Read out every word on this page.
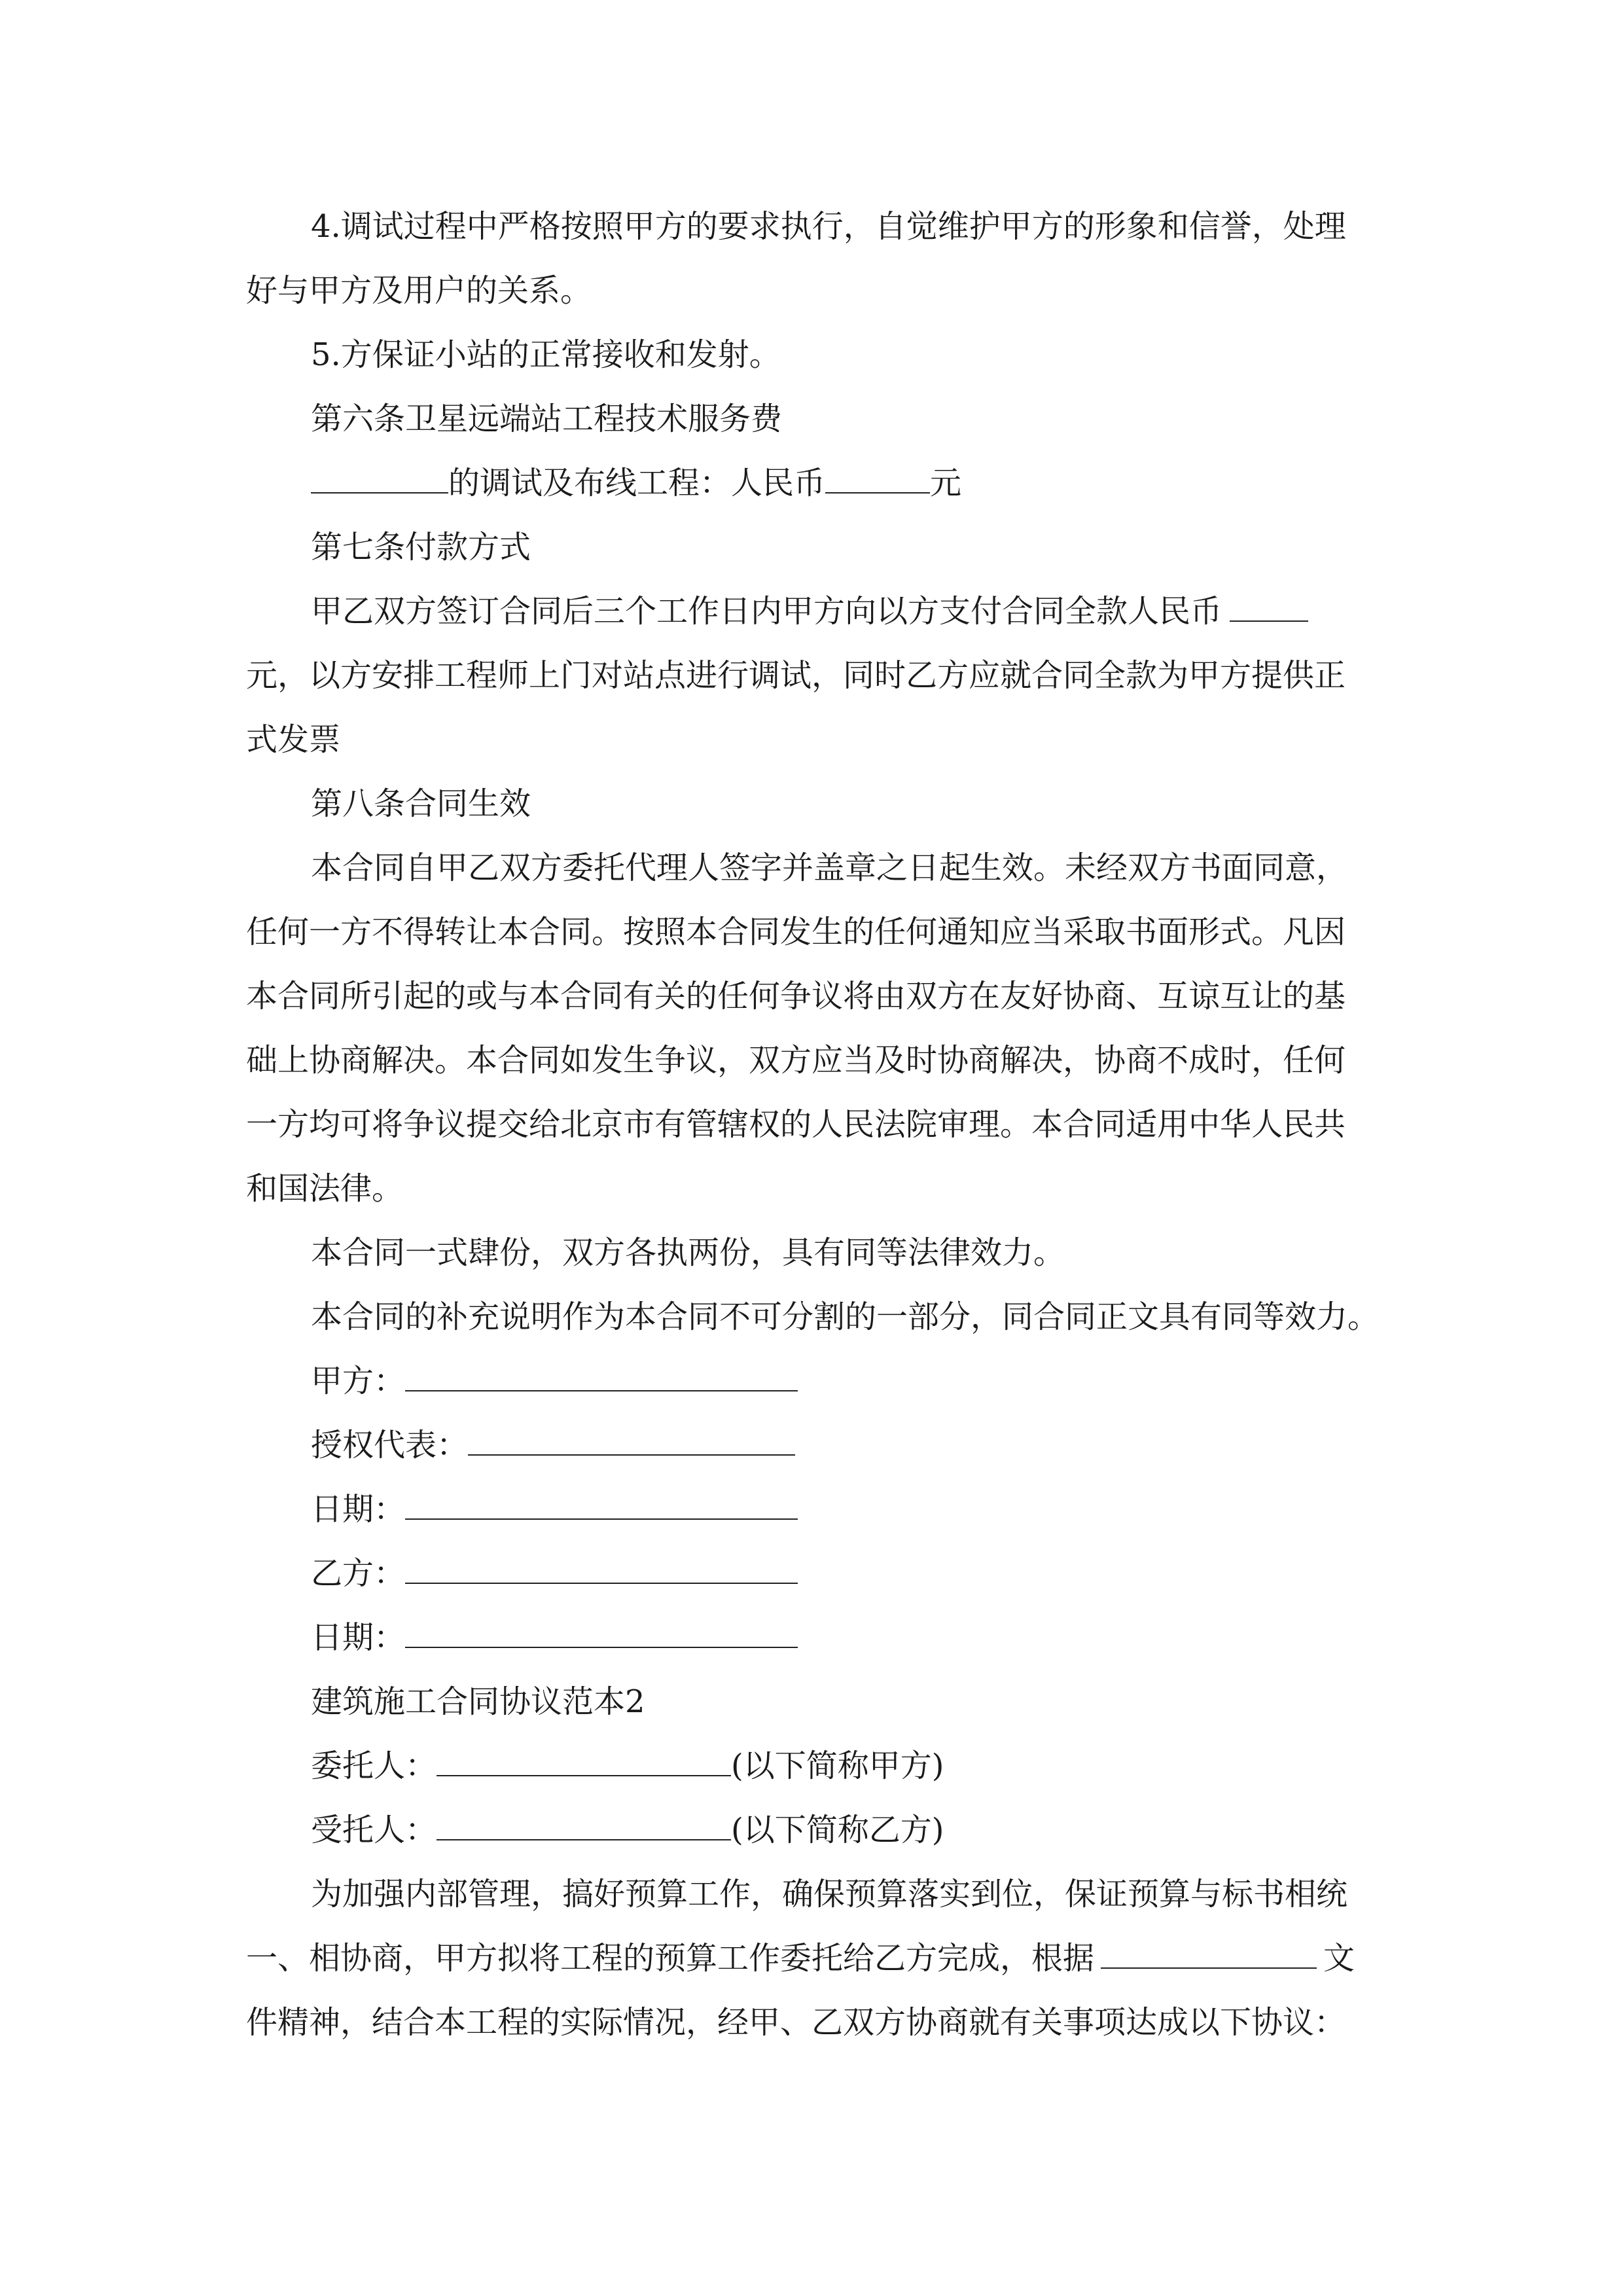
4.调试过程中严格按照甲方的要求执行，自觉维护甲方的形象和信誉，处理
好与甲方及用户的关系。
5.方保证小站的正常接收和发射。
第六条卫星远端站工程技术服务费
的调试及布线工程：人民币	元
第七条付款方式
甲乙双方签订合同后三个工作日内甲方向以方支付合同全款人民币
元，以方安排工程师上门对站点进行调试，同时乙方应就合同全款为甲方提供正
式发票
第八条合同生效
本合同自甲乙双方委托代理人签字并盖章之日起生效。未经双方书面同意，
任何一方不得转让本合同。按照本合同发生的任何通知应当采取书面形式。凡因
本合同所引起的或与本合同有关的任何争议将由双方在友好协商、互谅互让的基
础上协商解决。本合同如发生争议，双方应当及时协商解决，协商不成时，任何
一方均可将争议提交给北京市有管辖权的人民法院审理。本合同适用中华人民共
和国法律。
本合同一式肆份，双方各执两份，具有同等法律效力。
本合同的补充说明作为本合同不可分割的一部分，同合同正文具有同等效力。
甲方：
授权代表：
日期：
乙方：
日期：
建筑施工合同协议范本2
委托人：	(以下简称甲方)
受托人：	(以下简称乙方)
为加强内部管理，搞好预算工作，确保预算落实到位，保证预算与标书相统
一、相协商，甲方拟将工程的预算工作委托给乙方完成，根据	文
件精神，结合本工程的实际情况，经甲、乙双方协商就有关事项达成以下协议：
